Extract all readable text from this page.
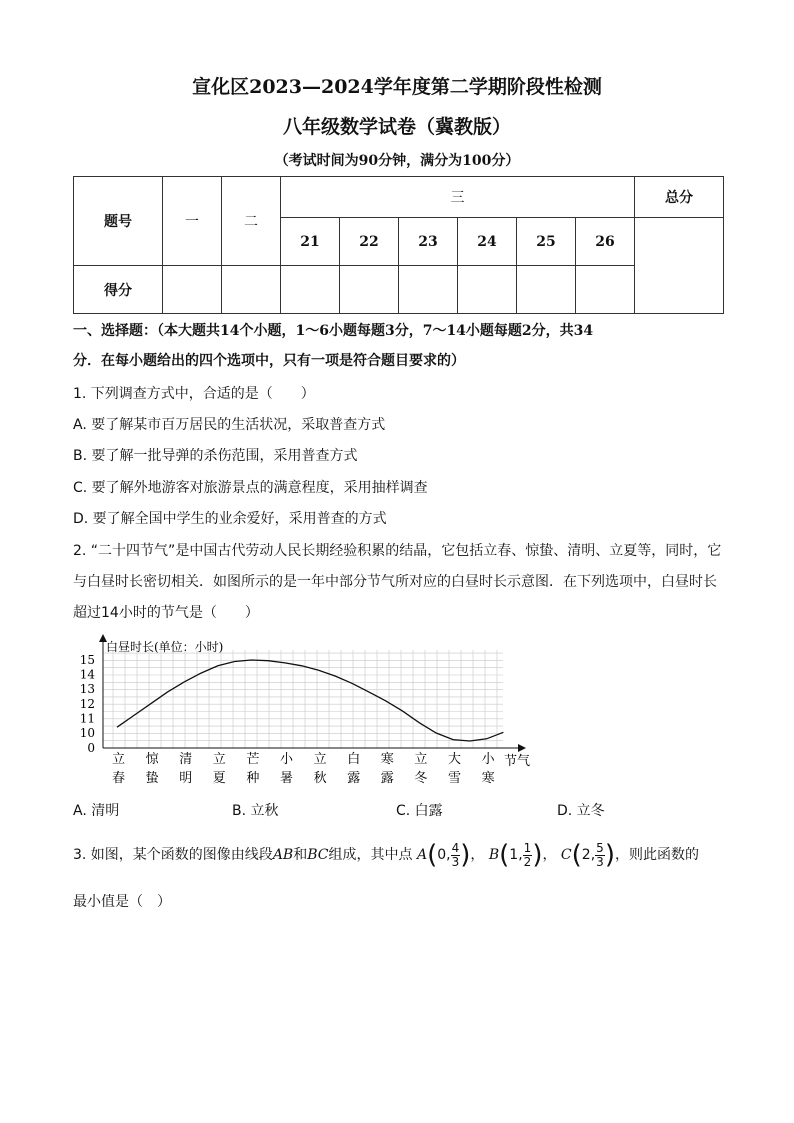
宣化区2023—2024学年度第二学期阶段性检测
八年级数学试卷（冀教版）
（考试时间为90分钟，满分为100分）
题号	一	二	三						总分
			21	22	23	24	25	26	
得分									
一、选择题：（本大题共14个小题，1～6小题每题3分，7～14小题每题2分，共34
分．在每小题给出的四个选项中，只有一项是符合题目要求的）
1. 下列调查方式中，合适的是（　　）
A. 要了解某市百万居民的生活状况，采取普查方式
B. 要了解一批导弹的杀伤范围，采用普查方式
C. 要了解外地游客对旅游景点的满意程度，采用抽样调查
D. 要了解全国中学生的业余爱好，采用普查的方式
2. “二十四节气”是中国古代劳动人民长期经验积累的结晶，它包括立春、惊蛰、清明、立夏等，同时，它
与白昼时长密切相关．如图所示的是一年中部分节气所对应的白昼时长示意图．在下列选项中，白昼时长
超过14小时的节气是（　　）
0
10
11
12
13
14
15
立
春
惊
蛰
清
明
立
夏
芒
种
小
暑
立
秋
白
露
寒
露
立
冬
大
雪
小
寒
白昼时长(单位：小时)
节气
A. 清明	B. 立秋	C. 白露	D. 立冬
3. 如图，某个函数的图像由线段AB和BC组成，其中点 A(0, $\frac{4}{3}$ )， B(1, $\frac{1}{2}$ )， C(2, $\frac{5}{3}$ )，则此函数的
最小值是（　）
